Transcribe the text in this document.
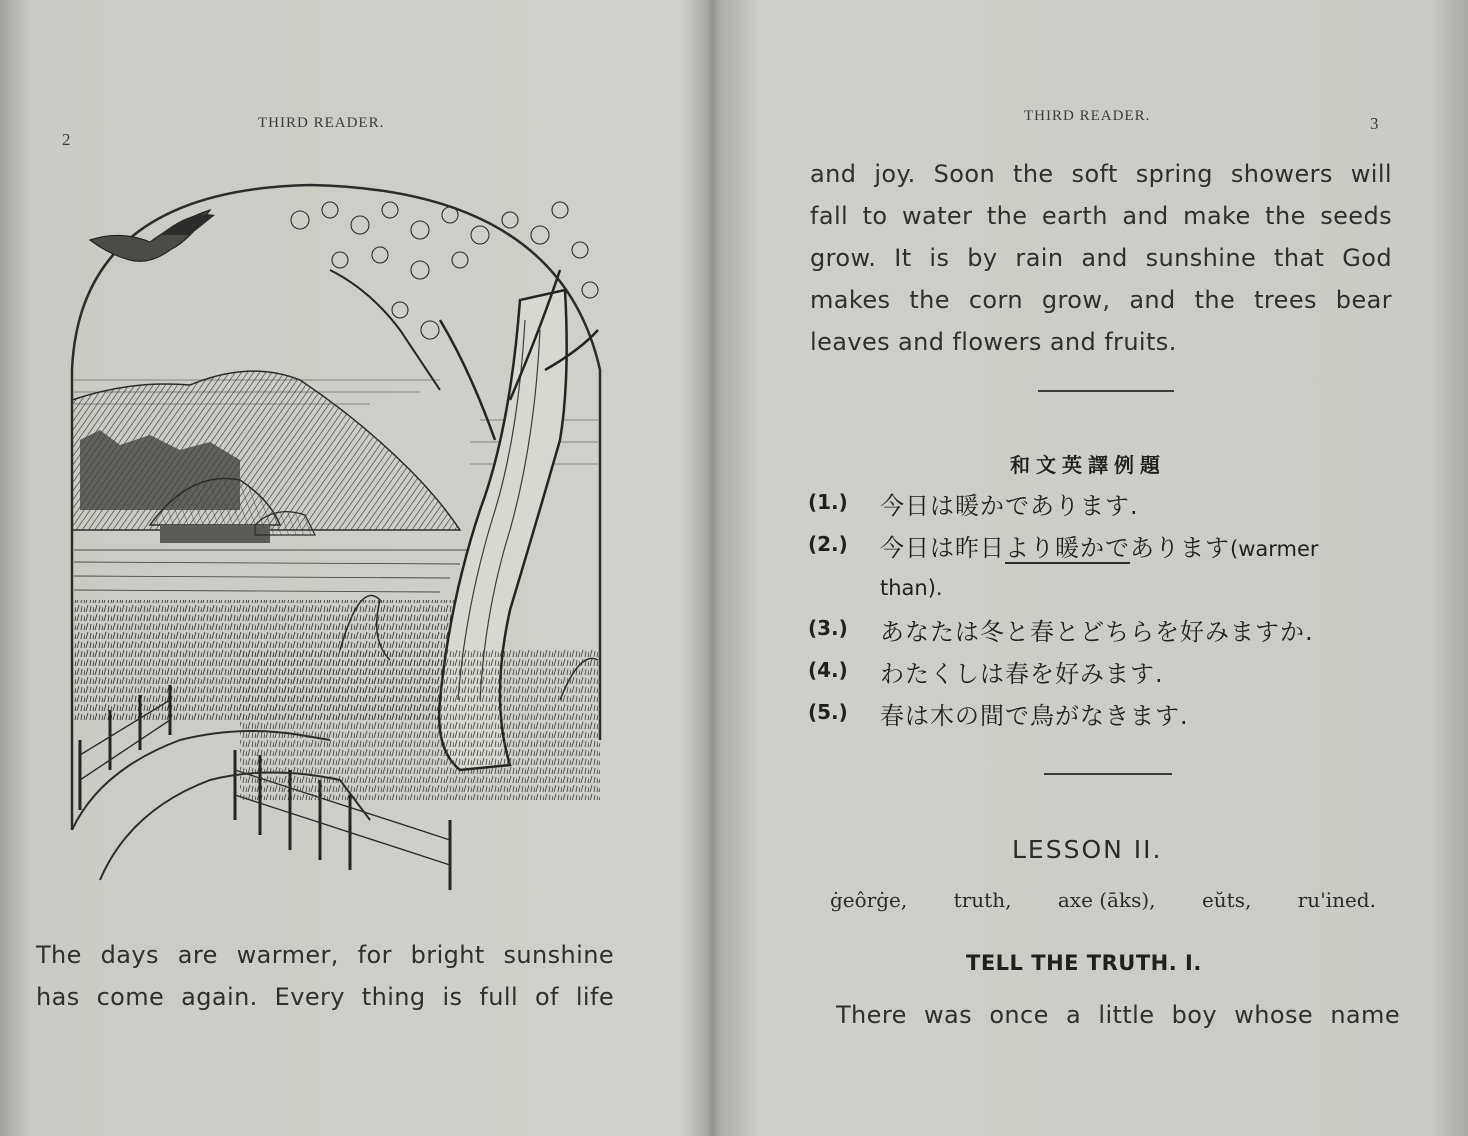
2
THIRD READER.
The days are warmer, for bright sunshine
has come again. Every thing is full of life
THIRD READER.	3
and joy. Soon the soft spring showers will
fall to water the earth and make the seeds
grow. It is by rain and sunshine that God
makes the corn grow, and the trees bear
leaves and flowers and fruits.
和文英譯例題
(1.) 今日は暖かであります.
(2.) 今日は昨日より暖かであります(warmer
than).
(3.) あなたは冬と春とどちらを好みますか.
(4.) わたくしは春を好みます.
(5.) 春は木の間で鳥がなきます.
LESSON II.
ġeôrġe, truth, axe (āks), eŭts, ru'ined.
TELL THE TRUTH. I.
There was once a little boy whose name
